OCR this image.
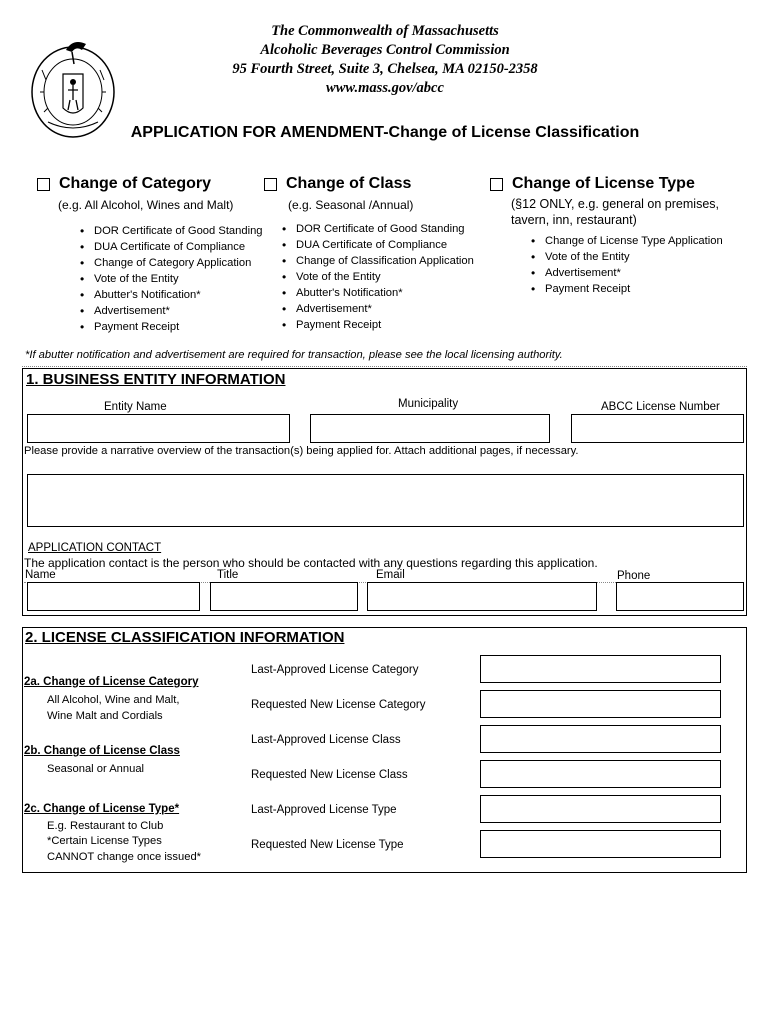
The Commonwealth of Massachusetts
Alcoholic Beverages Control Commission
95 Fourth Street, Suite 3, Chelsea, MA 02150-2358
www.mass.gov/abcc
APPLICATION FOR AMENDMENT-Change of License Classification
Change of Category
(e.g. All Alcohol, Wines and Malt)
• DOR Certificate of Good Standing
• DUA Certificate of Compliance
• Change of Category Application
• Vote of the Entity
• Abutter's Notification*
• Advertisement*
• Payment Receipt
Change of Class
(e.g. Seasonal /Annual)
• DOR Certificate of Good Standing
• DUA Certificate of Compliance
• Change of Classification Application
• Vote of the Entity
• Abutter's Notification*
• Advertisement*
• Payment Receipt
Change of License Type
(§12 ONLY, e.g. general on premises,
tavern, inn, restaurant)
• Change of License Type Application
• Vote of the Entity
• Advertisement*
• Payment Receipt
*If abutter notification and advertisement are required for transaction, please see the local licensing authority.
1. BUSINESS ENTITY INFORMATION
Entity Name	Municipality	ABCC License Number
Please provide a narrative overview of the transaction(s) being applied for. Attach additional pages, if necessary.
APPLICATION CONTACT
The application contact is the person who should be contacted with any questions regarding this application.
Name	Title	Email	Phone
2. LICENSE CLASSIFICATION INFORMATION
2a. Change of License Category
All Alcohol, Wine and Malt,
Wine Malt and Cordials
2b. Change of License Class
Seasonal or Annual
2c. Change of License Type*
E.g. Restaurant to Club
*Certain License Types
CANNOT change once issued*
Last-Approved License Category
Requested New License Category
Last-Approved License Class
Requested New License Class
Last-Approved License Type
Requested New License Type
